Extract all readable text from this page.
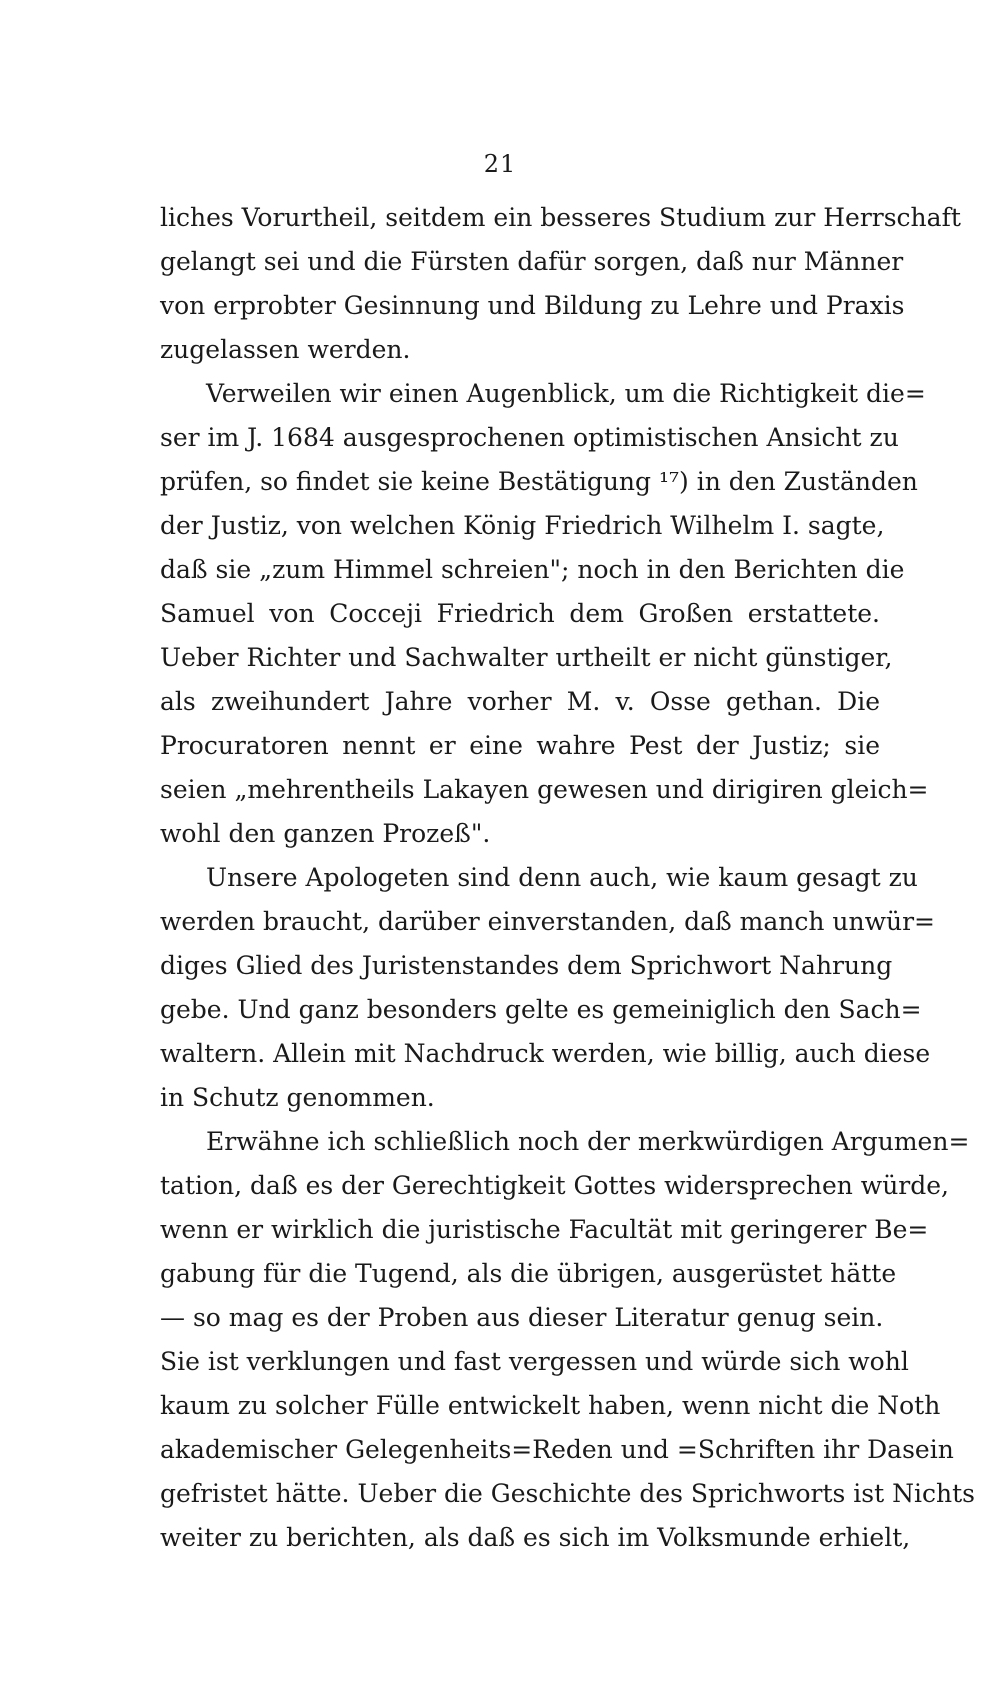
21
liches Vorurtheil, seitdem ein besseres Studium zur Herrschaft
gelangt sei und die Fürsten dafür sorgen, daß nur Männer
von erprobter Gesinnung und Bildung zu Lehre und Praxis
zugelassen werden.
Verweilen wir einen Augenblick, um die Richtigkeit die=
ser im J. 1684 ausgesprochenen optimistischen Ansicht zu
prüfen, so findet sie keine Bestätigung ¹⁷) in den Zuständen
der Justiz, von welchen König Friedrich Wilhelm I. sagte,
daß sie „zum Himmel schreien"; noch in den Berichten die
Samuel von Cocceji Friedrich dem Großen erstattete.
Ueber Richter und Sachwalter urtheilt er nicht günstiger,
als zweihundert Jahre vorher M. v. Osse gethan. Die
Procuratoren nennt er eine wahre Pest der Justiz; sie
seien „mehrentheils Lakayen gewesen und dirigiren gleich=
wohl den ganzen Prozeß".
Unsere Apologeten sind denn auch, wie kaum gesagt zu
werden braucht, darüber einverstanden, daß manch unwür=
diges Glied des Juristenstandes dem Sprichwort Nahrung
gebe. Und ganz besonders gelte es gemeiniglich den Sach=
waltern. Allein mit Nachdruck werden, wie billig, auch diese
in Schutz genommen.
Erwähne ich schließlich noch der merkwürdigen Argumen=
tation, daß es der Gerechtigkeit Gottes widersprechen würde,
wenn er wirklich die juristische Facultät mit geringerer Be=
gabung für die Tugend, als die übrigen, ausgerüstet hätte
— so mag es der Proben aus dieser Literatur genug sein.
Sie ist verklungen und fast vergessen und würde sich wohl
kaum zu solcher Fülle entwickelt haben, wenn nicht die Noth
akademischer Gelegenheits=Reden und =Schriften ihr Dasein
gefristet hätte. Ueber die Geschichte des Sprichworts ist Nichts
weiter zu berichten, als daß es sich im Volksmunde erhielt,
